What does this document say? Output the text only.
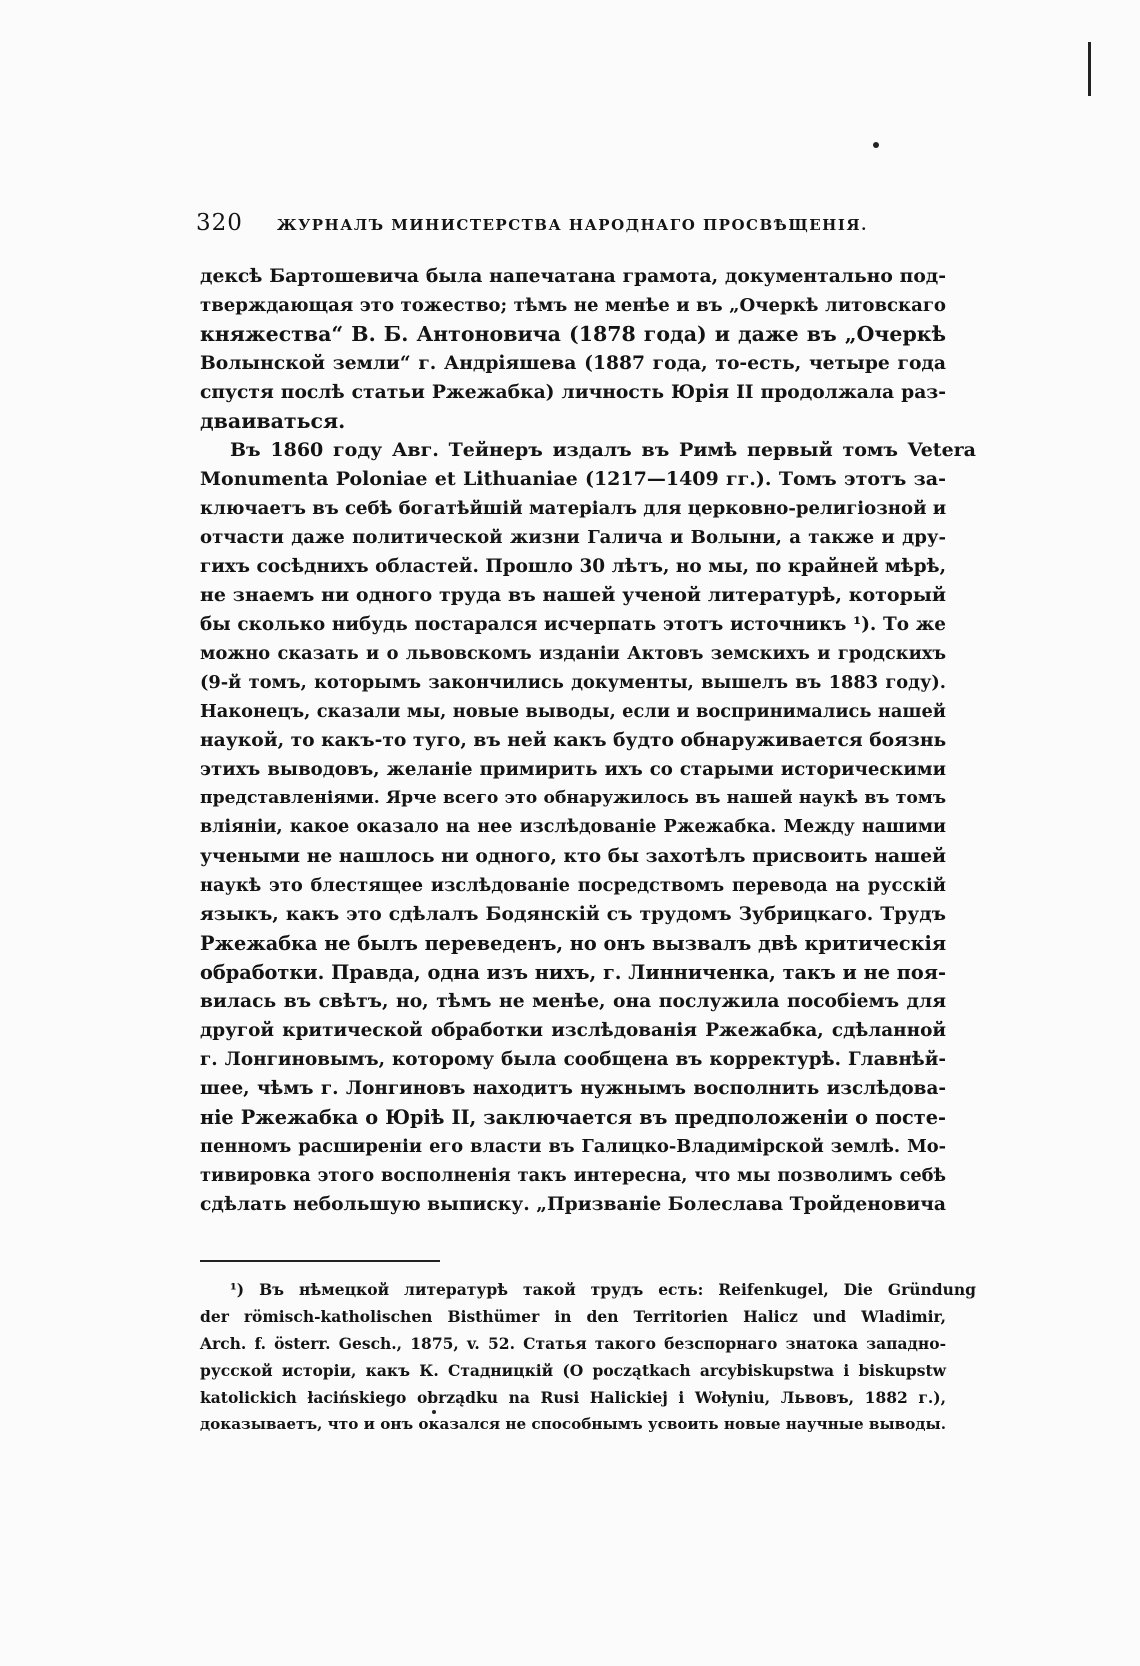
320 ЖУРНАЛЪ МИНИСТЕРСТВА НАРОДНАГО ПРОСВѢЩЕНІЯ.
дексѣ Бартошевича была напечатана грамота, документально под-
тверждающая это тожество; тѣмъ не менѣе и въ „Очеркѣ литовскаго
княжества“ В. Б. Антоновича (1878 года) и даже въ „Очеркѣ
Волынской земли“ г. Андріяшева (1887 года, то-есть, четыре года
спустя послѣ статьи Ржежабка) личность Юрія II продолжала раз-
дваиваться.
Въ 1860 году Авг. Тейнеръ издалъ въ Римѣ первый томъ Vetera
Monumenta Poloniae et Lithuaniae (1217—1409 гг.). Томъ этотъ за-
ключаетъ въ себѣ богатѣйшій матеріалъ для церковно-религіозной и
отчасти даже политической жизни Галича и Волыни, а также и дру-
гихъ сосѣднихъ областей. Прошло 30 лѣтъ, но мы, по крайней мѣрѣ,
не знаемъ ни одного труда въ нашей ученой литературѣ, который
бы сколько нибудь постарался исчерпать этотъ источникъ ¹). То же
можно сказать и о львовскомъ изданіи Актовъ земскихъ и гродскихъ
(9-й томъ, которымъ закончились документы, вышелъ въ 1883 году).
Наконецъ, сказали мы, новые выводы, если и воспринимались нашей
наукой, то какъ-то туго, въ ней какъ будто обнаруживается боязнь
этихъ выводовъ, желаніе примирить ихъ со старыми историческими
представленіями. Ярче всего это обнаружилось въ нашей наукѣ въ томъ
вліяніи, какое оказало на нее изслѣдованіе Ржежабка. Между нашими
учеными не нашлось ни одного, кто бы захотѣлъ присвоить нашей
наукѣ это блестящее изслѣдованіе посредствомъ перевода на русскій
языкъ, какъ это сдѣлалъ Бодянскій съ трудомъ Зубрицкаго. Трудъ
Ржежабка не былъ переведенъ, но онъ вызвалъ двѣ критическія
обработки. Правда, одна изъ нихъ, г. Линниченка, такъ и не поя-
вилась въ свѣтъ, но, тѣмъ не менѣе, она послужила пособіемъ для
другой критической обработки изслѣдованія Ржежабка, сдѣланной
г. Лонгиновымъ, которому была сообщена въ корректурѣ. Главнѣй-
шее, чѣмъ г. Лонгиновъ находитъ нужнымъ восполнить изслѣдова-
ніе Ржежабка о Юріѣ II, заключается въ предположеніи о посте-
пенномъ расширеніи его власти въ Галицко-Владимірской землѣ. Мо-
тивировка этого восполненія такъ интересна, что мы позволимъ себѣ
сдѣлать небольшую выписку. „Призваніе Болеслава Тройденовича
¹) Въ нѣмецкой литературѣ такой трудъ есть: Reifenkugel, Die Gründung
der römisch-katholischen Bisthümer in den Territorien Halicz und Wladimir,
Arch. f. österr. Gesch., 1875, v. 52. Статья такого безспорнаго знатока западно-
русской исторіи, какъ К. Стадницкій (O początkach arcybiskupstwa i biskupstw
katolickich łacińskiego obrządku na Rusi Halickiej i Wołyniu, Львовъ, 1882 г.),
доказываетъ, что и онъ оказался не способнымъ усвоить новые научные выводы.
